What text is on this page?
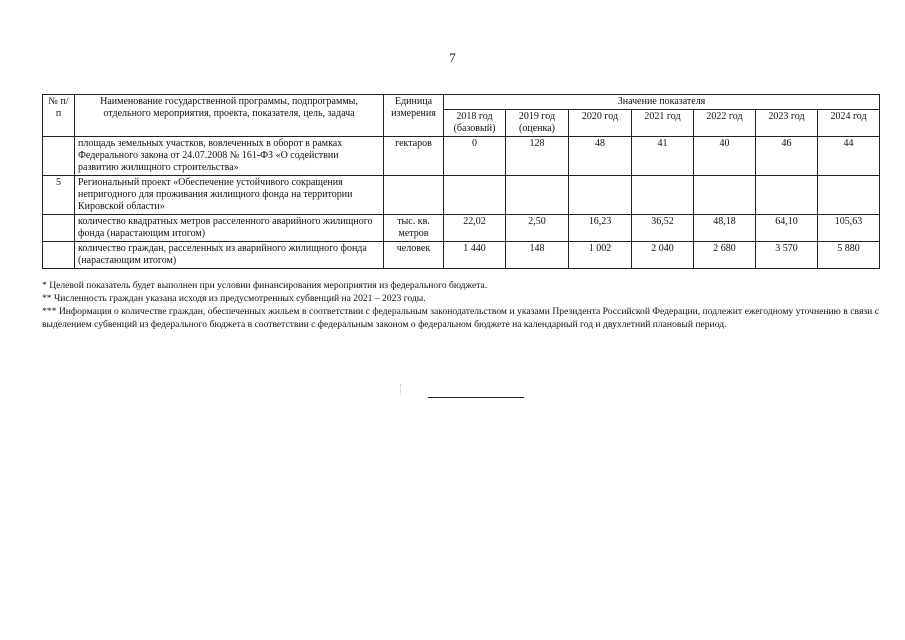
7
№ п/п	Наименование государственной программы, подпрограммы, отдельного мероприятия, проекта, показателя, цель, задача	Единица измерения	Значение показателя						
			2018 год (базовый)	2019 год (оценка)	2020 год	2021 год	2022 год	2023 год	2024 год
	площадь земельных участков, вовлеченных в оборот в рамках Федерального закона от 24.07.2008 № 161-ФЗ «О содействии развитию жилищного строительства»	гектаров	0	128	48	41	40	46	44
5	Региональный проект «Обеспечение устойчивого сокращения непригодного для проживания жилищного фонда на территории Кировской области»								
	количество квадратных метров расселенного аварийного жилищного фонда (нарастающим итогом)	тыс. кв. метров	22,02	2,50	16,23	36,52	48,18	64,10	105,63
	количество граждан, расселенных из аварийного жилищного фонда (нарастающим итогом)	человек	1 440	148	1 002	2 040	2 680	3 570	5 880

* Целевой показатель будет выполнен при условии финансирования мероприятия из федерального бюджета.

** Численность граждан указана исходя из предусмотренных субвенций на 2021 – 2023 годы.

*** Информация о количестве граждан, обеспеченных жильем в соответствии с федеральным законодательством и указами Президента Российской Федерации, подлежит ежегодному уточнению в связи с выделением субвенций из федерального бюджета в соответствии с федеральным законом о федеральном бюджете на календарный год и двухлетний плановый период.
